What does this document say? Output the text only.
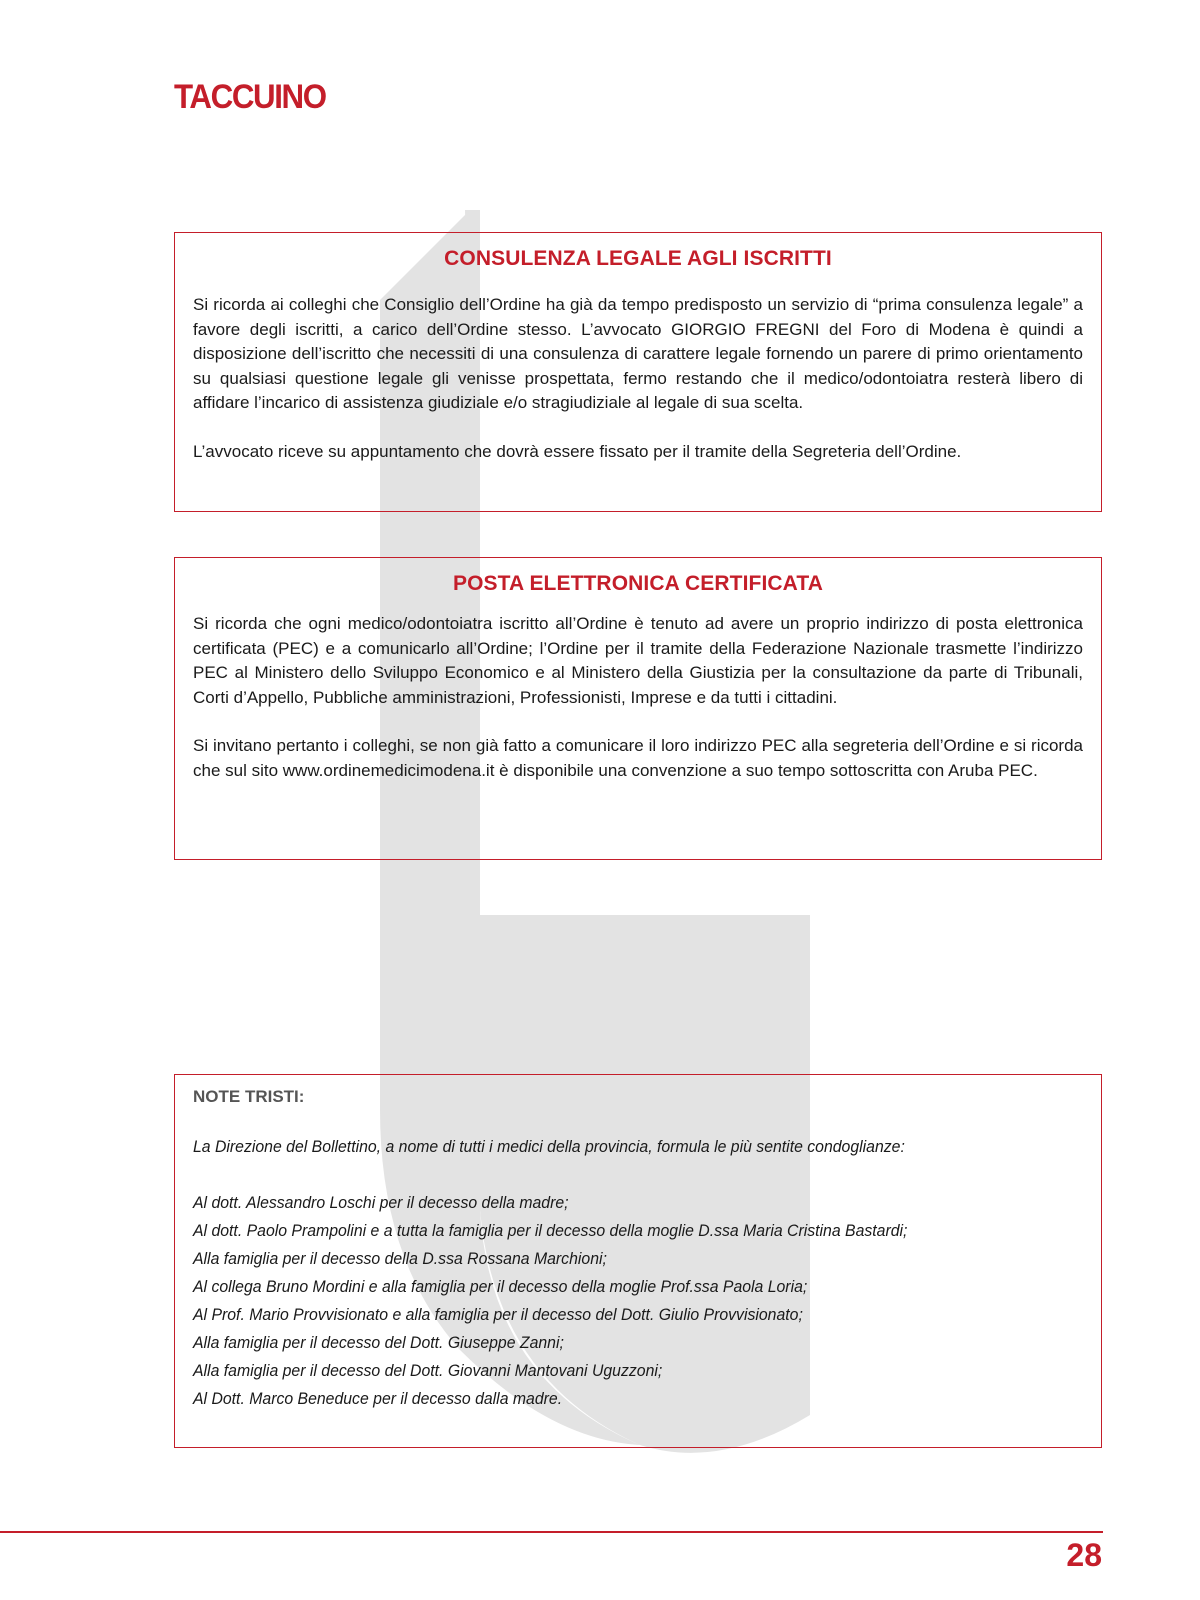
TACCUINO
CONSULENZA LEGALE AGLI ISCRITTI

Si ricorda ai colleghi che Consiglio dell’Ordine ha già da tempo predisposto un servizio di “prima consulenza legale” a favore degli iscritti, a carico dell’Ordine stesso. L’avvocato GIORGIO FREGNI del Foro di Modena è quindi a disposizione dell’iscritto che necessiti di una consulenza di carattere legale fornendo un parere di primo orientamento su qualsiasi questione legale gli venisse prospettata, fermo restando che il medico/odontoiatra resterà libero di affidare l’incarico di assistenza giudiziale e/o stragiudiziale al legale di sua scelta.

L’avvocato riceve su appuntamento che dovrà essere fissato per il tramite della Segreteria dell’Ordine.

POSTA ELETTRONICA CERTIFICATA

Si ricorda che ogni medico/odontoiatra iscritto all’Ordine è tenuto ad avere un proprio indirizzo di posta elettronica certificata (PEC) e a comunicarlo all’Ordine; l’Ordine per il tramite della Federazione Nazionale trasmette l’indirizzo PEC al Ministero dello Sviluppo Economico e al Ministero della Giustizia per la consultazione da parte di Tribunali, Corti d’Appello, Pubbliche amministrazioni, Professionisti, Imprese e da tutti i cittadini.

Si invitano pertanto i colleghi, se non già fatto a comunicare il loro indirizzo PEC alla segreteria dell’Ordine e si ricorda che sul sito www.ordinemedicimodena.it è disponibile una convenzione a suo tempo sottoscritta con Aruba PEC.

NOTE TRISTI:

La Direzione del Bollettino, a nome di tutti i medici della provincia, formula le più sentite condoglianze:

Al dott. Alessandro Loschi per il decesso della madre;

Al dott. Paolo Prampolini e a tutta la famiglia per il decesso della moglie D.ssa Maria Cristina Bastardi;

Alla famiglia per il decesso della D.ssa Rossana Marchioni;

Al collega Bruno Mordini e alla famiglia per il decesso della moglie Prof.ssa Paola Loria;

Al Prof. Mario Provvisionato e alla famiglia per il decesso del Dott. Giulio Provvisionato;

Alla famiglia per il decesso del Dott. Giuseppe Zanni;

Alla famiglia per il decesso del Dott. Giovanni Mantovani Uguzzoni;

Al Dott. Marco Beneduce per il decesso dalla madre.

28
